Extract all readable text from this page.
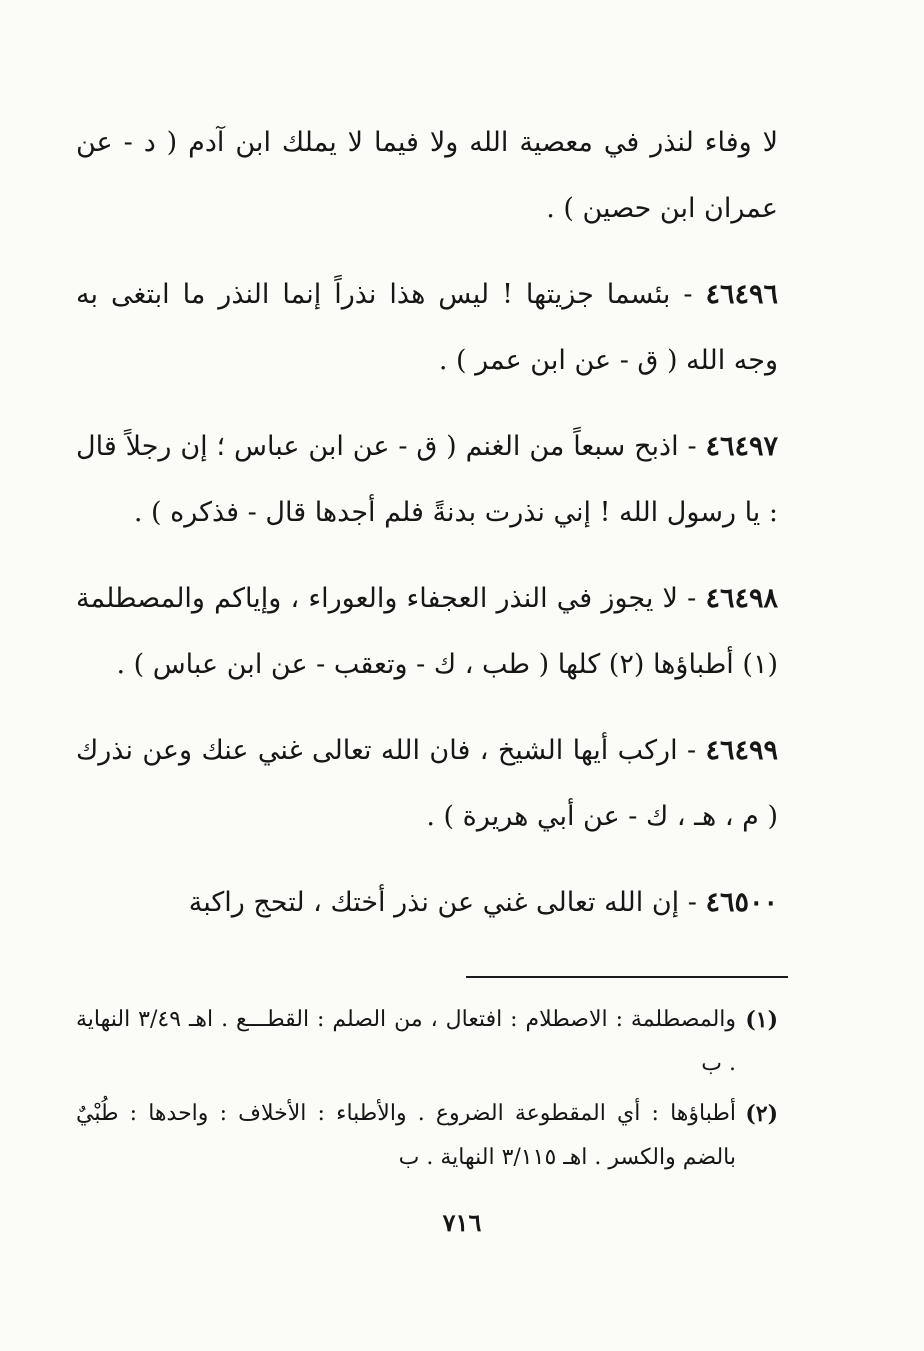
لا وفاء لنذر في معصية الله ولا فيما لا يملك ابن آدم ( د - عن عمران ابن حصين ) .

٤٦٤٩٦ - بئسما جزيتها ! ليس هذا نذراً إنما النذر ما ابتغى به وجه الله ( ق - عن ابن عمر ) .

٤٦٤٩٧ - اذبح سبعاً من الغنم ( ق - عن ابن عباس ؛ إن رجلاً قال : يا رسول الله ! إني نذرت بدنةً فلم أجدها قال - فذكره ) .

٤٦٤٩٨ - لا يجوز في النذر العجفاء والعوراء ، وإياكم والمصطلمة (١) أطباؤها (٢) كلها ( طب ، ك - وتعقب - عن ابن عباس ) .

٤٦٤٩٩ - اركب أيها الشيخ ، فان الله تعالى غني عنك وعن نذرك ( م ، هـ ، ك - عن أبي هريرة ) .

٤٦٥٠٠ - إن الله تعالى غني عن نذر أختك ، لتحج راكبة

(١)
والمصطلمة : الاصطلام : افتعال ، من الصلم : القطـــع . اهـ ٣/٤٩ النهاية . ب

(٢)
أطباؤها : أي المقطوعة الضروع . والأطباء : الأخلاف : واحدها : طُبْيٌ بالضم والكسر . اهـ ٣/١١٥ النهاية . ب

٧١٦
